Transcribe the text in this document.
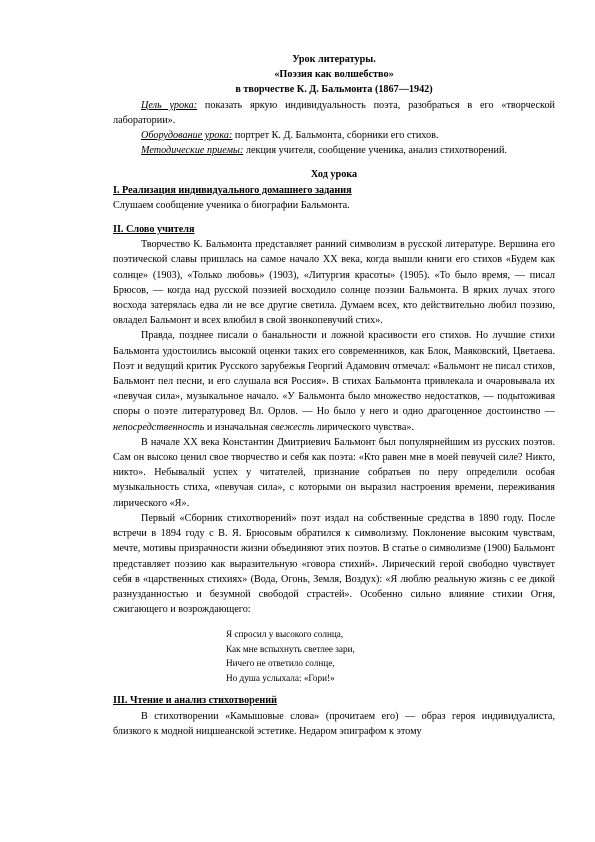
Урок литературы.
«Поэзия как волшебство»
в творчестве К. Д. Бальмонта (1867—1942)

Цель урока: показать яркую индивидуальность поэта, разобраться в его «творческой лаборатории».

Оборудование урока: портрет К. Д. Бальмонта, сборники его стихов.

Методические приемы: лекция учителя, сообщение ученика, анализ стихотворений.

Ход урока

I. Реализация индивидуального домашнего задания

Слушаем сообщение ученика о биографии Бальмонта.

II. Слово учителя

Творчество К. Бальмонта представляет ранний символизм в русской литературе. Вершина его поэтической славы пришлась на самое начало XX века, когда вышли книги его стихов «Будем как солнце» (1903), «Только любовь» (1903), «Литургия красоты» (1905). «То было время, — писал Брюсов, — когда над русской поэзией восходило солнце поэзии Бальмонта. В ярких лучах этого восхода затерялась едва ли не все другие светила. Думаем всех, кто действительно любил поэзию, овладел Бальмонт и всех влюбил в свой звонкопевучий стих».

Правда, позднее писали о банальности и ложной красивости его стихов. Но лучшие стихи Бальмонта удостоились высокой оценки таких его современников, как Блок, Маяковский, Цветаева. Поэт и ведущий критик Русского зарубежья Георгий Адамович отмечал: «Бальмонт не писал стихов, Бальмонт пел песни, и его слушала вся Россия». В стихах Бальмонта привлекала и очаровывала их «певучая сила», музыкальное начало. «У Бальмонта было множество недостатков, — подытоживая споры о поэте литературовед Вл. Орлов. — Но было у него и одно драгоценное достоинство — непосредственность и изначальная свежесть лирического чувства».

В начале XX века Константин Дмитриевич Бальмонт был популярнейшим из русских поэтов. Сам он высоко ценил свое творчество и себя как поэта: «Кто равен мне в моей певучей силе? Никто, никто». Небывалый успех у читателей, признание собратьев по перу определили особая музыкальность стиха, «певучая сила», с которыми он выразил настроения времени, переживания лирического «Я».

Первый «Сборник стихотворений» поэт издал на собственные средства в 1890 году. После встречи в 1894 году с В. Я. Брюсовым обратился к символизму. Поклонение высоким чувствам, мечте, мотивы призрачности жизни объединяют этих поэтов. В статье о символизме (1900) Бальмонт представляет поэзию как выразительную «говора стихий». Лирический герой свободно чувствует себя в «царственных стихиях» (Вода, Огонь, Земля, Воздух): «Я люблю реальную жизнь с ее дикой разнузданностью и безумной свободой страстей». Особенно сильно влияние стихии Огня, сжигающего и возрождающего:

Я спросил у высокого солнца,
Как мне вспыхнуть светлее зари,
Ничего не ответило солнце,
Но душа услыхала: «Гори!»

III. Чтение и анализ стихотворений

В стихотворении «Камышовые слова» (прочитаем его) — образ героя индивидуалиста, близкого к модной ницшеанской эстетике. Недаром эпиграфом к этому
